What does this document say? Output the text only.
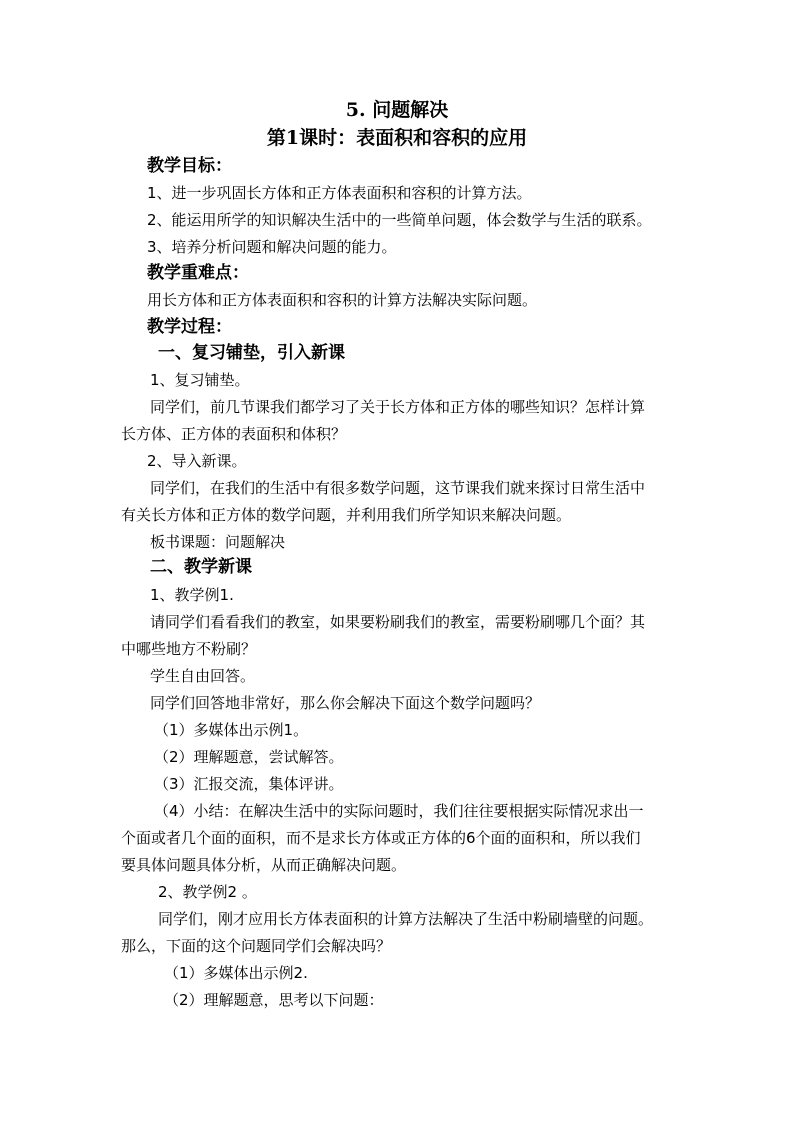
5. 问题解决
第1课时：表面积和容积的应用
教学目标：
1、进一步巩固长方体和正方体表面积和容积的计算方法。
2、能运用所学的知识解决生活中的一些简单问题，体会数学与生活的联系。
3、培养分析问题和解决问题的能力。
教学重难点：
用长方体和正方体表面积和容积的计算方法解决实际问题。
教学过程：
一、复习铺垫，引入新课
1、复习铺垫。
同学们，前几节课我们都学习了关于长方体和正方体的哪些知识？怎样计算
长方体、正方体的表面积和体积？
2、导入新课。
同学们，在我们的生活中有很多数学问题，这节课我们就来探讨日常生活中
有关长方体和正方体的数学问题，并利用我们所学知识来解决问题。
板书课题：问题解决
二、教学新课
1、教学例1.
请同学们看看我们的教室，如果要粉刷我们的教室，需要粉刷哪几个面？其
中哪些地方不粉刷？
学生自由回答。
同学们回答地非常好，那么你会解决下面这个数学问题吗？
（1）多媒体出示例1。
（2）理解题意，尝试解答。
（3）汇报交流，集体评讲。
（4）小结：在解决生活中的实际问题时，我们往往要根据实际情况求出一
个面或者几个面的面积，而不是求长方体或正方体的6个面的面积和，所以我们
要具体问题具体分析，从而正确解决问题。
2、教学例2 。
同学们，刚才应用长方体表面积的计算方法解决了生活中粉刷墙壁的问题。
那么，下面的这个问题同学们会解决吗？
（1）多媒体出示例2.
（2）理解题意，思考以下问题：
